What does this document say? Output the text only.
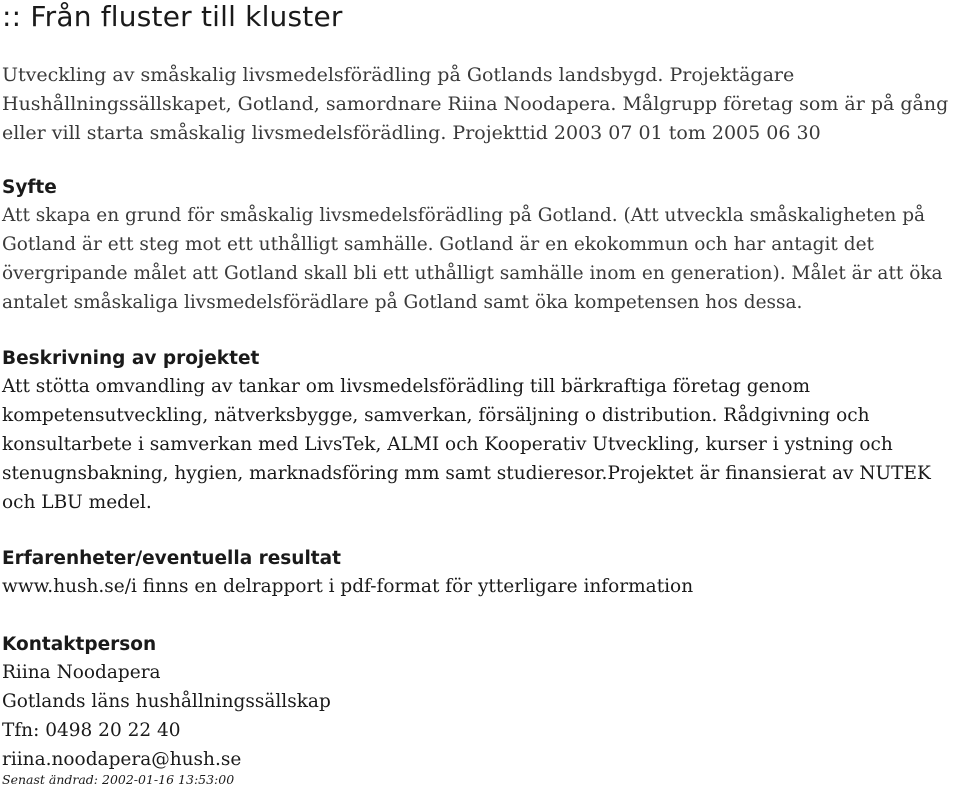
:: Från fluster till kluster

Utveckling av småskalig livsmedelsförädling på Gotlands landsbygd. Projektägare Hushållningssällskapet, Gotland, samordnare Riina Noodapera. Målgrupp företag som är på gång eller vill starta småskalig livsmedelsförädling. Projekttid 2003 07 01 tom 2005 06 30

Syfte

Att skapa en grund för småskalig livsmedelsförädling på Gotland. (Att utveckla småskaligheten på Gotland är ett steg mot ett uthålligt samhälle. Gotland är en ekokommun och har antagit det övergripande målet att Gotland skall bli ett uthålligt samhälle inom en generation). Målet är att öka antalet småskaliga livsmedelsförädlare på Gotland samt öka kompetensen hos dessa.

Beskrivning av projektet

Att stötta omvandling av tankar om livsmedelsförädling till bärkraftiga företag genom kompetensutveckling, nätverksbygge, samverkan, försäljning o distribution. Rådgivning och konsultarbete i samverkan med LivsTek, ALMI och Kooperativ Utveckling, kurser i ystning och stenugnsbakning, hygien, marknadsföring mm samt studieresor.Projektet är finansierat av NUTEK och LBU medel.

Erfarenheter/eventuella resultat

www.hush.se/i finns en delrapport i pdf-format för ytterligare information

Kontaktperson

Riina Noodapera
Gotlands läns hushållningssällskap
Tfn: 0498 20 22 40
riina.noodapera@hush.se

Senast ändrad: 2002-01-16 13:53:00
